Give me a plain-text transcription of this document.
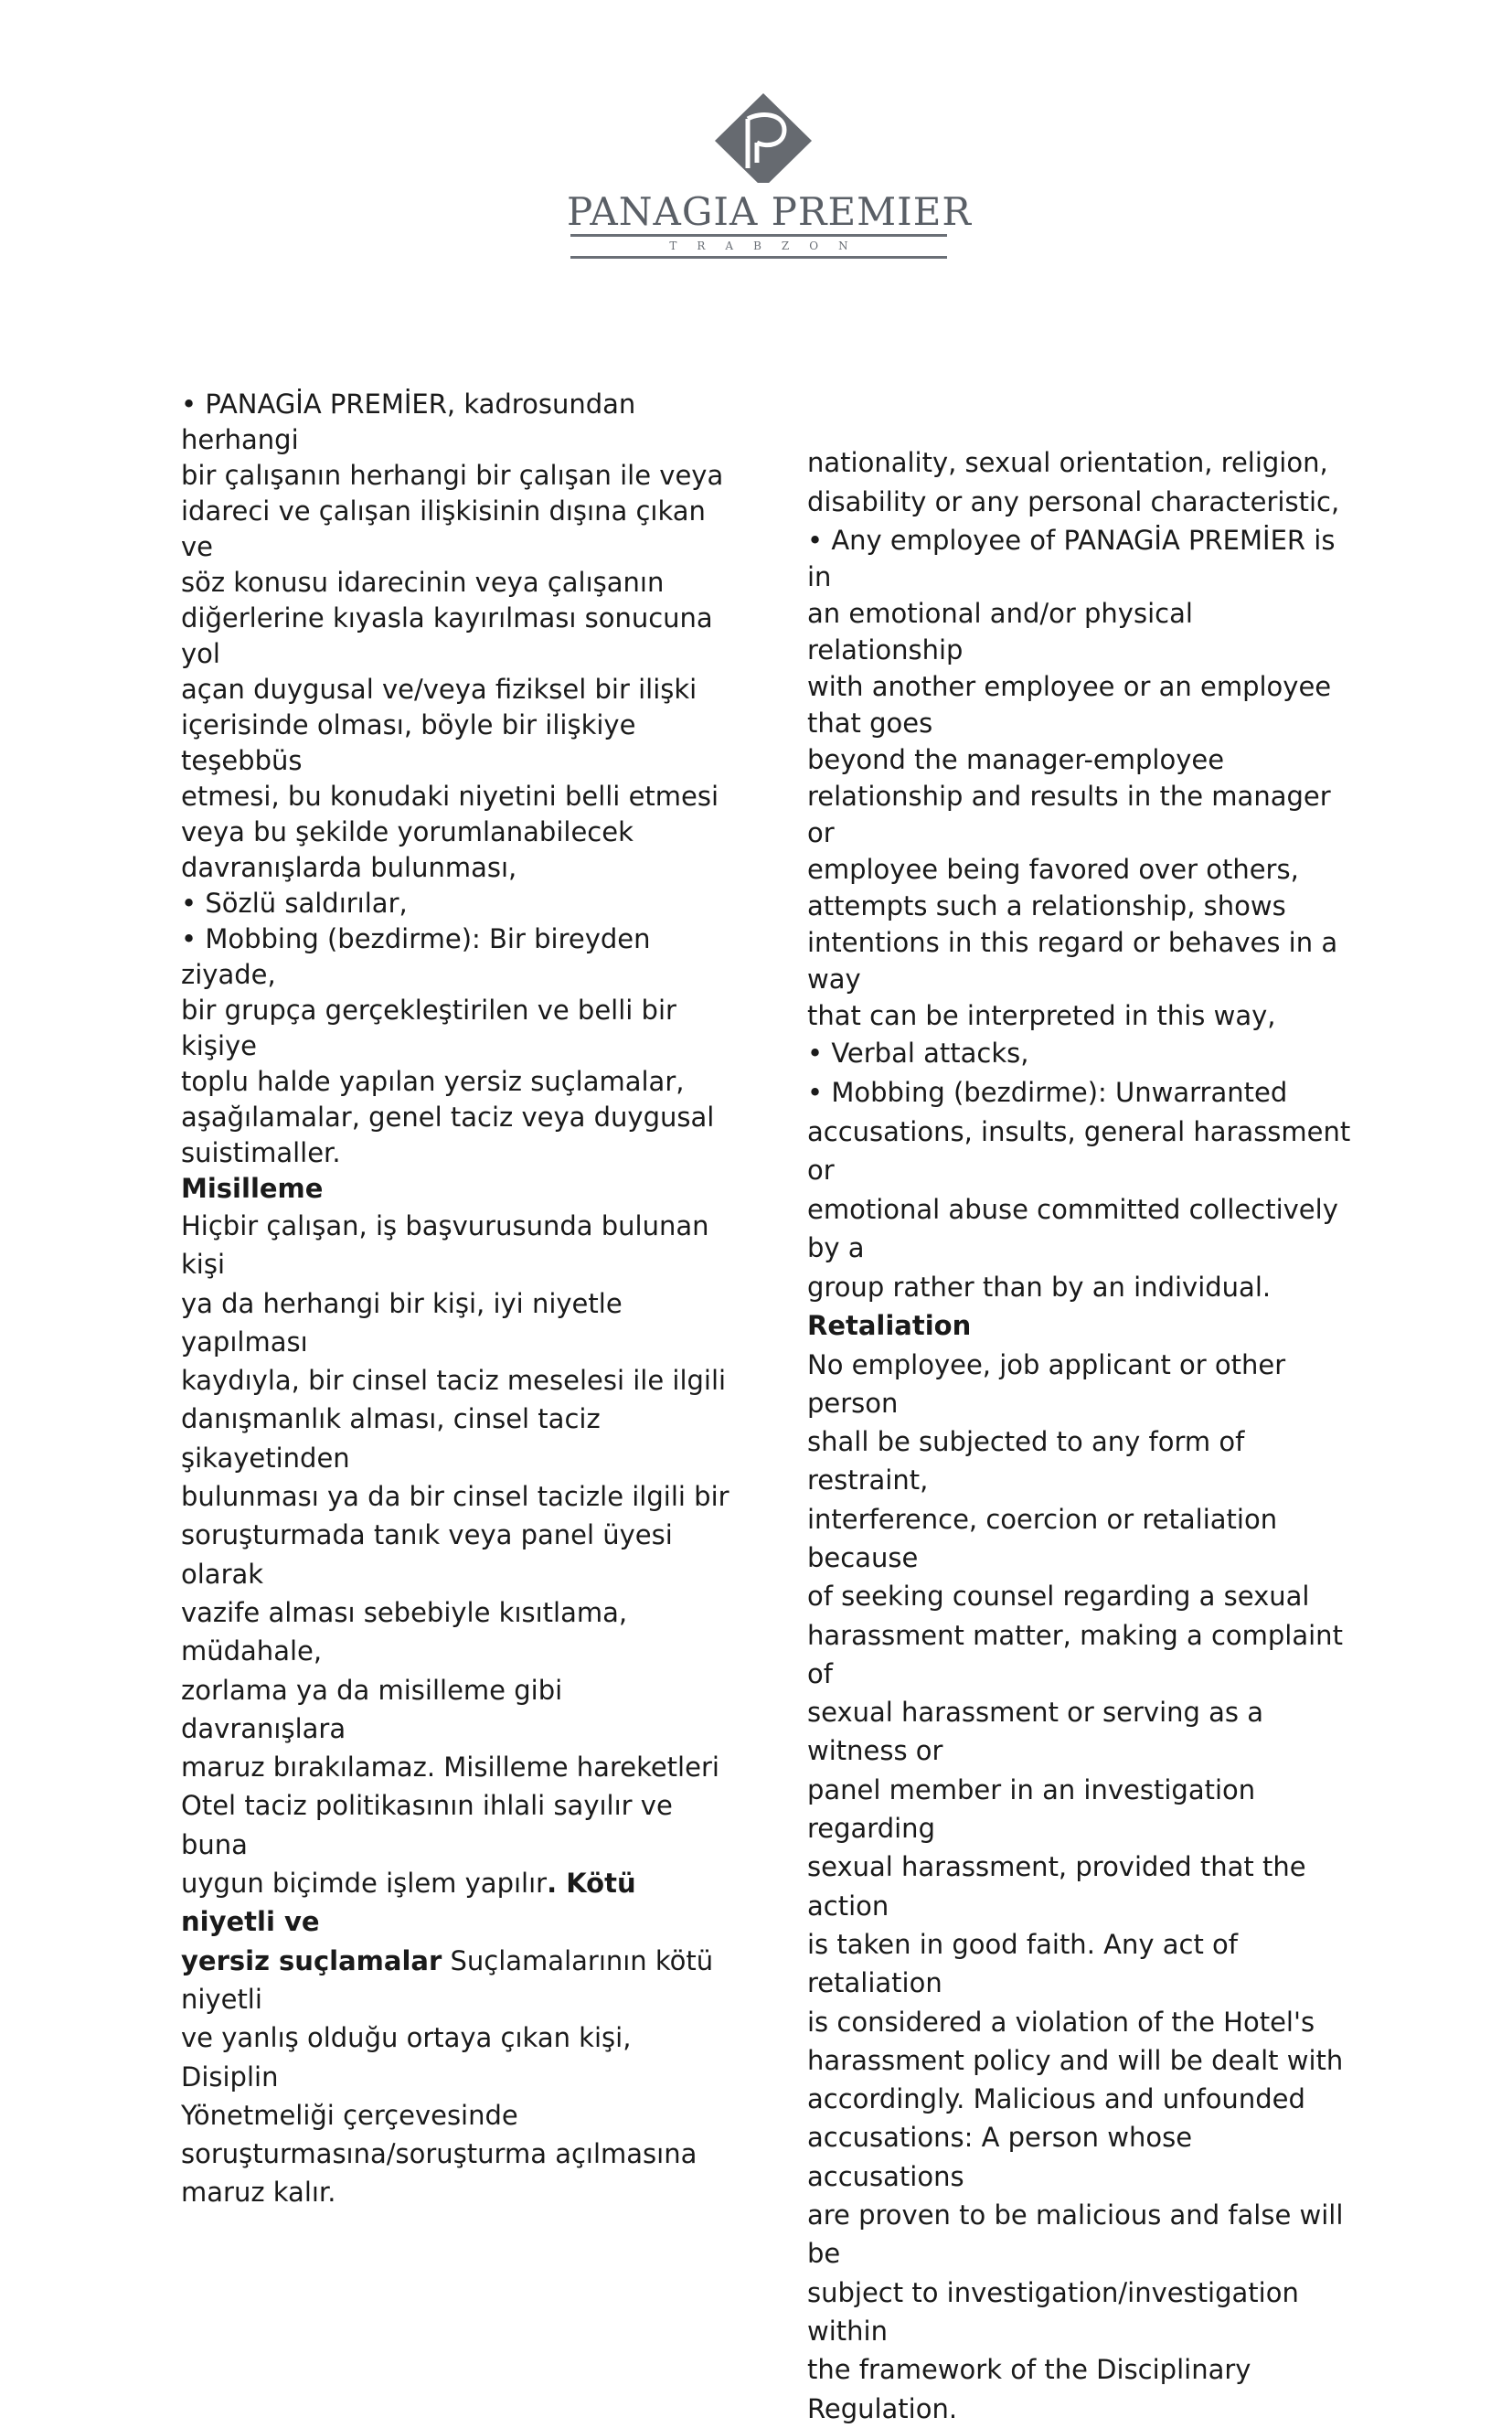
PANAGIA PREMIER
TRABZON

• PANAGİA PREMİER, kadrosundan herhangi
bir çalışanın herhangi bir çalışan ile veya
idareci ve çalışan ilişkisinin dışına çıkan ve
söz konusu idarecinin veya çalışanın
diğerlerine kıyasla kayırılması sonucuna yol
açan duygusal ve/veya fiziksel bir ilişki
içerisinde olması, böyle bir ilişkiye teşebbüs
etmesi, bu konudaki niyetini belli etmesi
veya bu şekilde yorumlanabilecek
davranışlarda bulunması,

• Sözlü saldırılar,

• Mobbing (bezdirme): Bir bireyden ziyade,
bir grupça gerçekleştirilen ve belli bir kişiye
toplu halde yapılan yersiz suçlamalar,
aşağılamalar, genel taciz veya duygusal
suistimaller.

Misilleme

Hiçbir çalışan, iş başvurusunda bulunan kişi
ya da herhangi bir kişi, iyi niyetle yapılması
kaydıyla, bir cinsel taciz meselesi ile ilgili
danışmanlık alması, cinsel taciz şikayetinden
bulunması ya da bir cinsel tacizle ilgili bir
soruşturmada tanık veya panel üyesi olarak
vazife alması sebebiyle kısıtlama, müdahale,
zorlama ya da misilleme gibi davranışlara
maruz bırakılamaz. Misilleme hareketleri
Otel taciz politikasının ihlali sayılır ve buna
uygun biçimde işlem yapılır. Kötü niyetli ve
yersiz suçlamalar Suçlamalarının kötü niyetli
ve yanlış olduğu ortaya çıkan kişi, Disiplin
Yönetmeliği çerçevesinde
soruşturmasına/soruşturma açılmasına
maruz kalır.

nationality, sexual orientation, religion,
disability or any personal characteristic,

• Any employee of PANAGİA PREMİER is in
an emotional and/or physical relationship
with another employee or an employee
that goes
beyond the manager-employee
relationship and results in the manager or
employee being favored over others,
attempts such a relationship, shows
intentions in this regard or behaves in a way
that can be interpreted in this way,

• Verbal attacks,

• Mobbing (bezdirme): Unwarranted
accusations, insults, general harassment or
emotional abuse committed collectively by a
group rather than by an individual.

Retaliation

No employee, job applicant or other person
shall be subjected to any form of restraint,
interference, coercion or retaliation because
of seeking counsel regarding a sexual
harassment matter, making a complaint of
sexual harassment or serving as a witness or
panel member in an investigation regarding
sexual harassment, provided that the action
is taken in good faith. Any act of retaliation
is considered a violation of the Hotel's
harassment policy and will be dealt with
accordingly. Malicious and unfounded
accusations: A person whose accusations
are proven to be malicious and false will be
subject to investigation/investigation within
the framework of the Disciplinary
Regulation.
